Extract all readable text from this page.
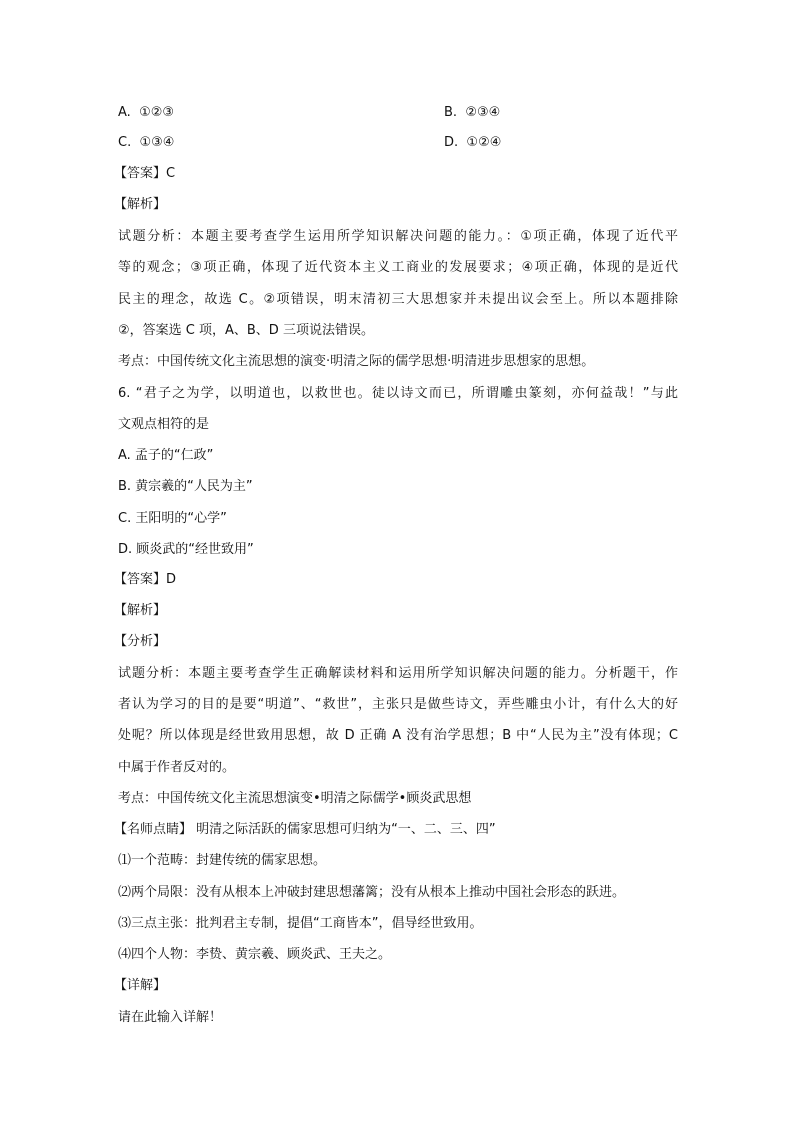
A. ①②③	B. ②③④
C. ①③④	D. ①②④
【答案】C
【解析】
试题分析：本题主要考查学生运用所学知识解决问题的能力。：①项正确，体现了近代平
等的观念；③项正确，体现了近代资本主义工商业的发展要求；④项正确，体现的是近代
民主的理念，故选 C。②项错误，明末清初三大思想家并未提出议会至上。所以本题排除
②，答案选 C 项，A、B、D 三项说法错误。
考点：中国传统文化主流思想的演变·明清之际的儒学思想·明清进步思想家的思想。
6. “君子之为学，以明道也，以救世也。徒以诗文而已，所谓雕虫篆刻，亦何益哉！”与此
文观点相符的是
A. 孟子的“仁政”
B. 黄宗羲的“人民为主”
C. 王阳明的“心学”
D. 顾炎武的“经世致用”
【答案】D
【解析】
【分析】
试题分析：本题主要考查学生正确解读材料和运用所学知识解决问题的能力。分析题干，作
者认为学习的目的是要“明道”、“救世”，主张只是做些诗文，弄些雕虫小计，有什么大的好
处呢？所以体现是经世致用思想，故 D 正确 A 没有治学思想；B 中“人民为主”没有体现；C
中属于作者反对的。
考点：中国传统文化主流思想演变•明清之际儒学•顾炎武思想
【名师点睛】 明清之际活跃的儒家思想可归纳为“一、二、三、四”
⑴一个范畴：封建传统的儒家思想。
⑵两个局限：没有从根本上冲破封建思想藩篱；没有从根本上推动中国社会形态的跃进。
⑶三点主张：批判君主专制，提倡“工商皆本”，倡导经世致用。
⑷四个人物：李贽、黄宗羲、顾炎武、王夫之。
【详解】
请在此输入详解！
